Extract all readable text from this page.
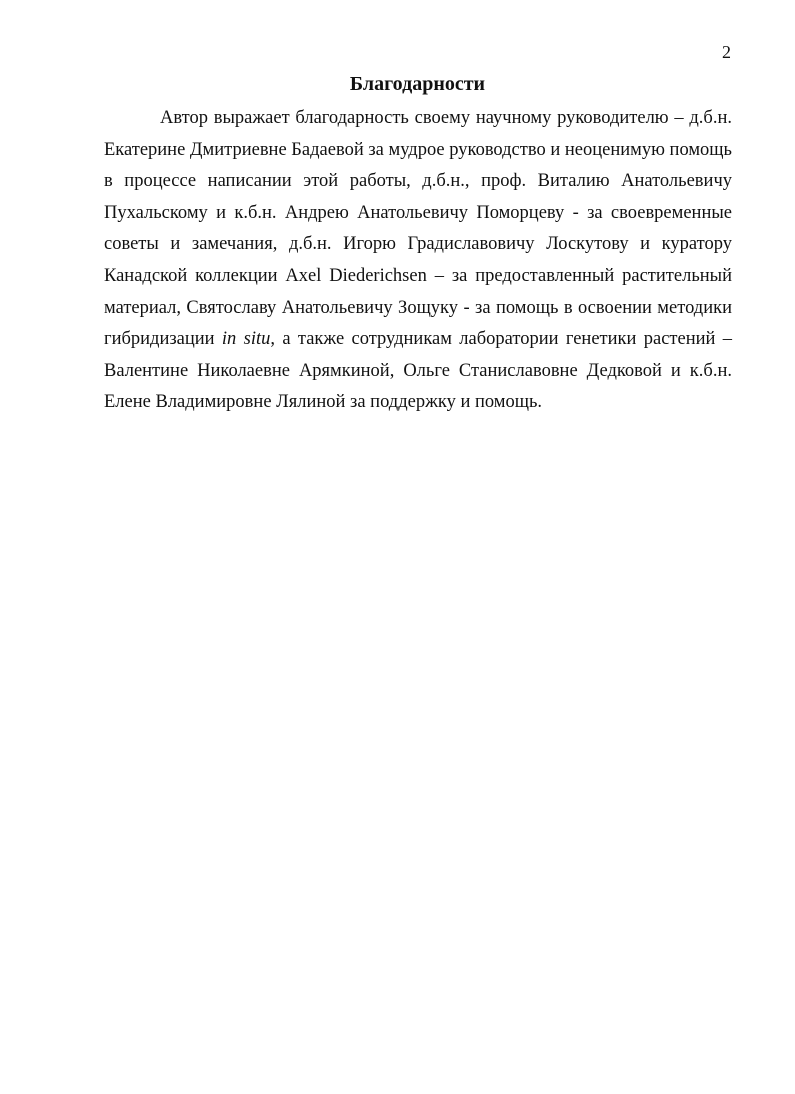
2
Благодарности

Автор выражает благодарность своему научному руководителю – д.б.н. Екатерине Дмитриевне Бадаевой за мудрое руководство и неоценимую помощь в процессе написании этой работы, д.б.н., проф. Виталию Анатольевичу Пухальскому и к.б.н. Андрею Анатольевичу Поморцеву - за своевременные советы и замечания, д.б.н. Игорю Градиславовичу Лоскутову и куратору Канадской коллекции Axel Diederichsen – за предоставленный растительный материал, Святославу Анатольевичу Зощуку - за помощь в освоении методики гибридизации in situ, а также сотрудникам лаборатории генетики растений – Валентине Николаевне Арямкиной, Ольге Станиславовне Дедковой и к.б.н. Елене Владимировне Лялиной за поддержку и помощь.
